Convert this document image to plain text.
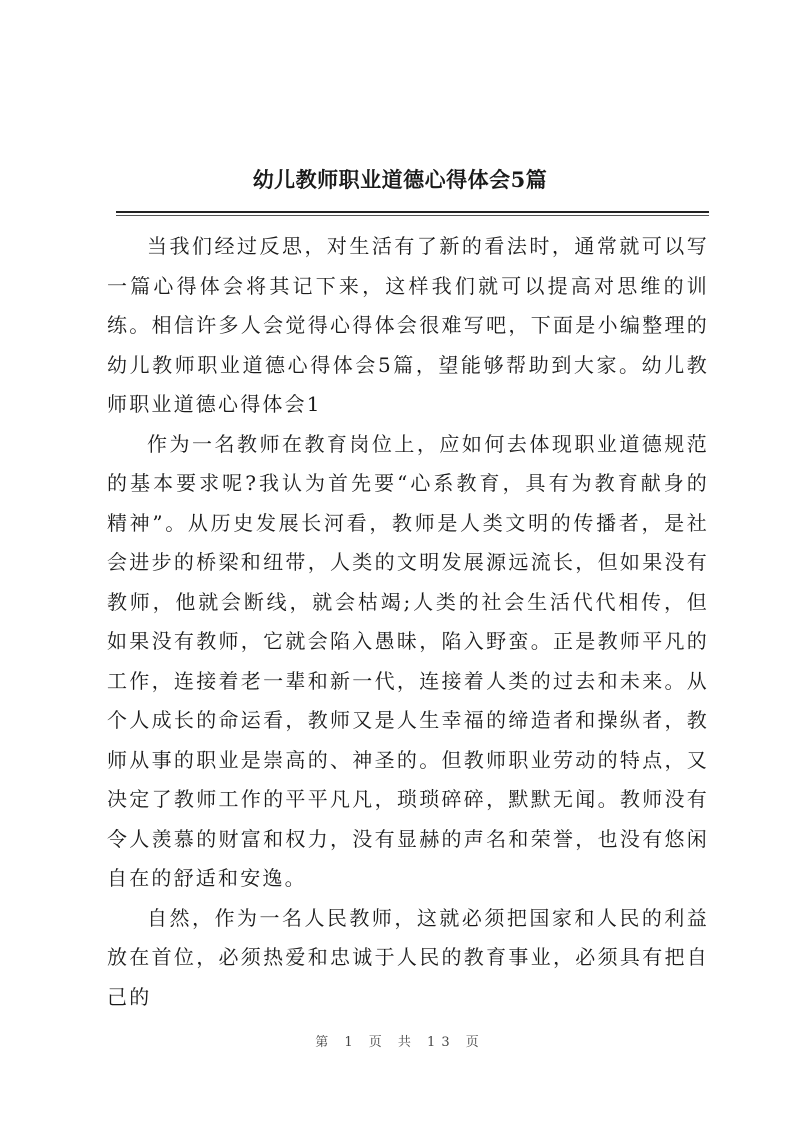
幼儿教师职业道德心得体会5篇

当我们经过反思，对生活有了新的看法时，通常就可以写一篇心得体会将其记下来，这样我们就可以提高对思维的训练。相信许多人会觉得心得体会很难写吧，下面是小编整理的幼儿教师职业道德心得体会5篇，望能够帮助到大家。幼儿教师职业道德心得体会1

作为一名教师在教育岗位上，应如何去体现职业道德规范的基本要求呢?我认为首先要“心系教育，具有为教育献身的精神”。从历史发展长河看，教师是人类文明的传播者，是社会进步的桥梁和纽带，人类的文明发展源远流长，但如果没有教师，他就会断线，就会枯竭;人类的社会生活代代相传，但如果没有教师，它就会陷入愚昧，陷入野蛮。正是教师平凡的工作，连接着老一辈和新一代，连接着人类的过去和未来。从个人成长的命运看，教师又是人生幸福的缔造者和操纵者，教师从事的职业是崇高的、神圣的。但教师职业劳动的特点，又决定了教师工作的平平凡凡，琐琐碎碎，默默无闻。教师没有令人羡慕的财富和权力，没有显赫的声名和荣誉，也没有悠闲自在的舒适和安逸。

自然，作为一名人民教师，这就必须把国家和人民的利益放在首位，必须热爱和忠诚于人民的教育事业，必须具有把自己的

第 1 页 共 13 页
